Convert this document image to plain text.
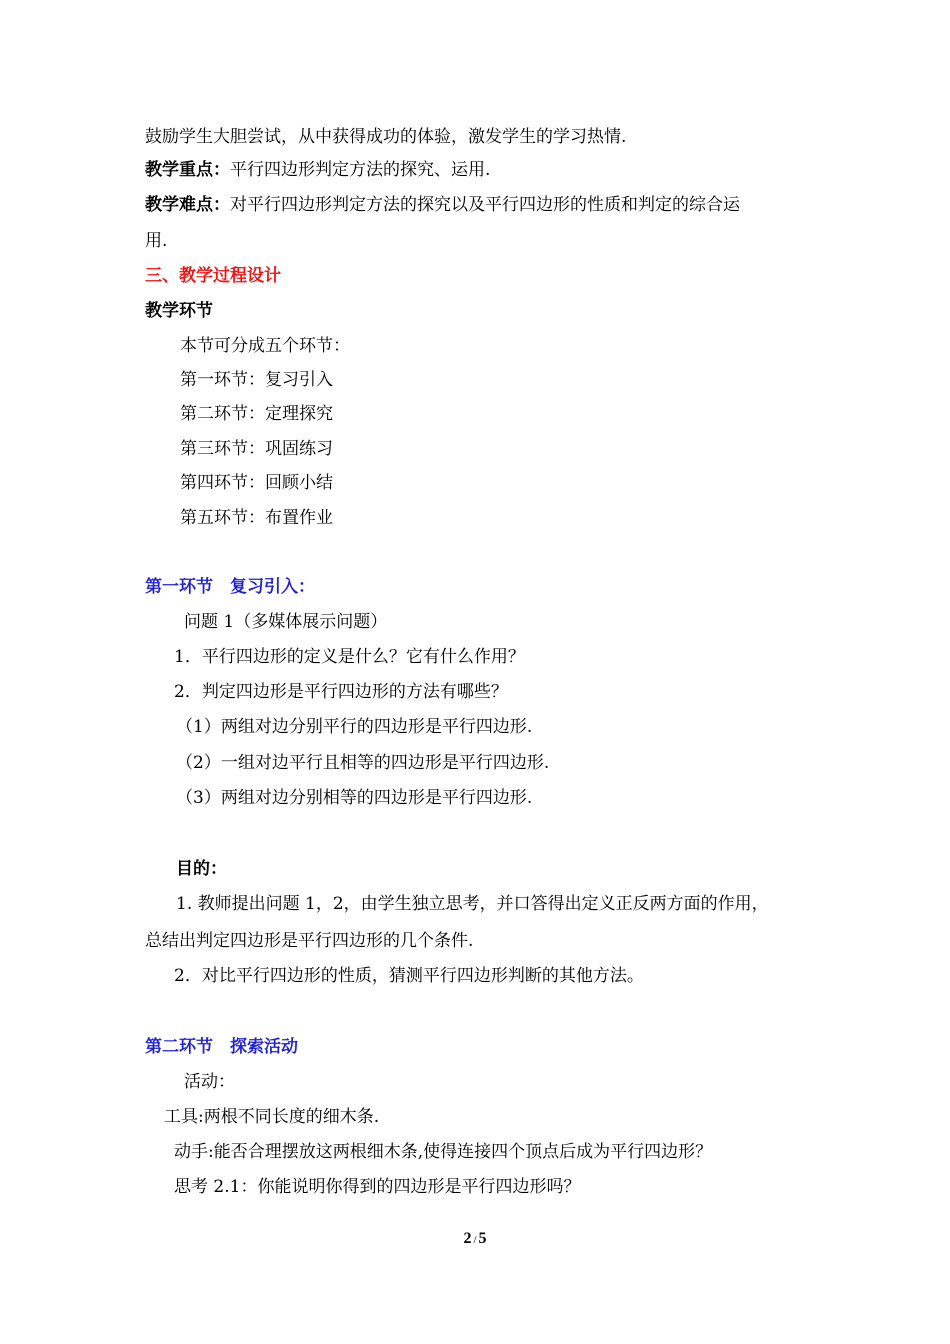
鼓励学生大胆尝试，从中获得成功的体验，激发学生的学习热情.
教学重点：平行四边形判定方法的探究、运用.
教学难点：对平行四边形判定方法的探究以及平行四边形的性质和判定的综合运
用.
三、教学过程设计
教学环节
本节可分成五个环节：
第一环节：复习引入
第二环节：定理探究
第三环节：巩固练习
第四环节：回顾小结
第五环节：布置作业
第一环节　复习引入：
问题 1（多媒体展示问题）
1．平行四边形的定义是什么？它有什么作用？
2．判定四边形是平行四边形的方法有哪些？
（1）两组对边分别平行的四边形是平行四边形.
（2）一组对边平行且相等的四边形是平行四边形.
（3）两组对边分别相等的四边形是平行四边形.
目的：
1. 教师提出问题 1，2，由学生独立思考，并口答得出定义正反两方面的作用，
总结出判定四边形是平行四边形的几个条件.
2．对比平行四边形的性质，猜测平行四边形判断的其他方法。
第二环节　探索活动
活动：
工具:两根不同长度的细木条.
动手:能否合理摆放这两根细木条,使得连接四个顶点后成为平行四边形？
思考 2.1：你能说明你得到的四边形是平行四边形吗？
2 / 5
